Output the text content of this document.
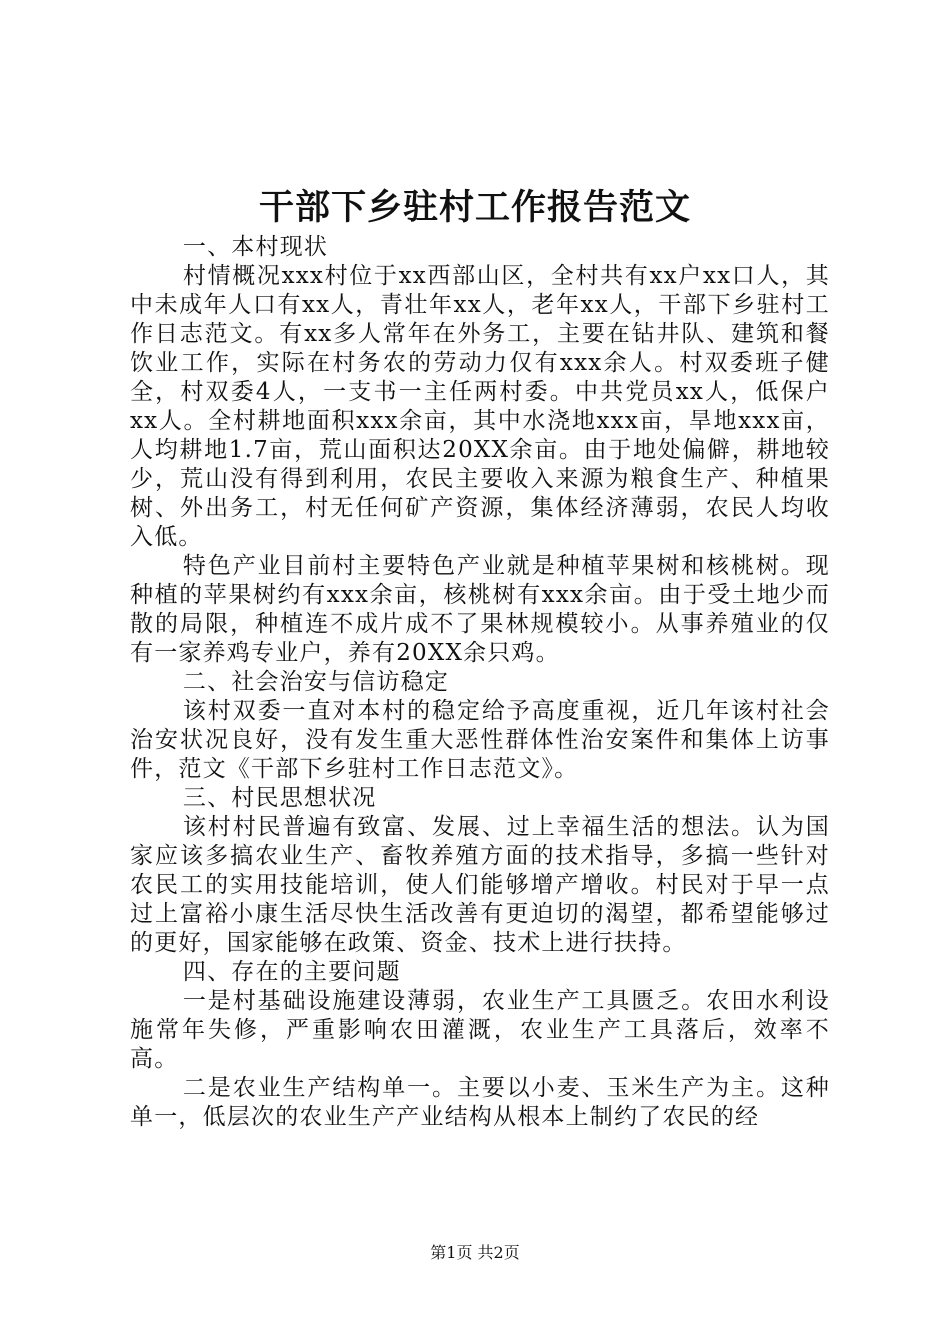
干部下乡驻村工作报告范文

一、本村现状

村情概况xxx村位于xx西部山区，全村共有xx户xx口人，其中未成年人口有xx人，青壮年xx人，老年xx人，干部下乡驻村工作日志范文。有xx多人常年在外务工，主要在钻井队、建筑和餐饮业工作，实际在村务农的劳动力仅有xxx余人。村双委班子健全，村双委4人，一支书一主任两村委。中共党员xx人，低保户xx人。全村耕地面积xxx余亩，其中水浇地xxx亩，旱地xxx亩，人均耕地1.7亩，荒山面积达20XX余亩。由于地处偏僻，耕地较少，荒山没有得到利用，农民主要收入来源为粮食生产、种植果树、外出务工，村无任何矿产资源，集体经济薄弱，农民人均收入低。

特色产业目前村主要特色产业就是种植苹果树和核桃树。现种植的苹果树约有xxx余亩，核桃树有xxx余亩。由于受土地少而散的局限，种植连不成片成不了果林规模较小。从事养殖业的仅有一家养鸡专业户，养有20XX余只鸡。

二、社会治安与信访稳定

该村双委一直对本村的稳定给予高度重视，近几年该村社会治安状况良好，没有发生重大恶性群体性治安案件和集体上访事件，范文《干部下乡驻村工作日志范文》。

三、村民思想状况

该村村民普遍有致富、发展、过上幸福生活的想法。认为国家应该多搞农业生产、畜牧养殖方面的技术指导，多搞一些针对农民工的实用技能培训，使人们能够增产增收。村民对于早一点过上富裕小康生活尽快生活改善有更迫切的渴望，都希望能够过的更好，国家能够在政策、资金、技术上进行扶持。

四、存在的主要问题

一是村基础设施建设薄弱，农业生产工具匮乏。农田水利设施常年失修，严重影响农田灌溉，农业生产工具落后，效率不高。

二是农业生产结构单一。主要以小麦、玉米生产为主。这种单一，低层次的农业生产产业结构从根本上制约了农民的经

第1页 共2页
